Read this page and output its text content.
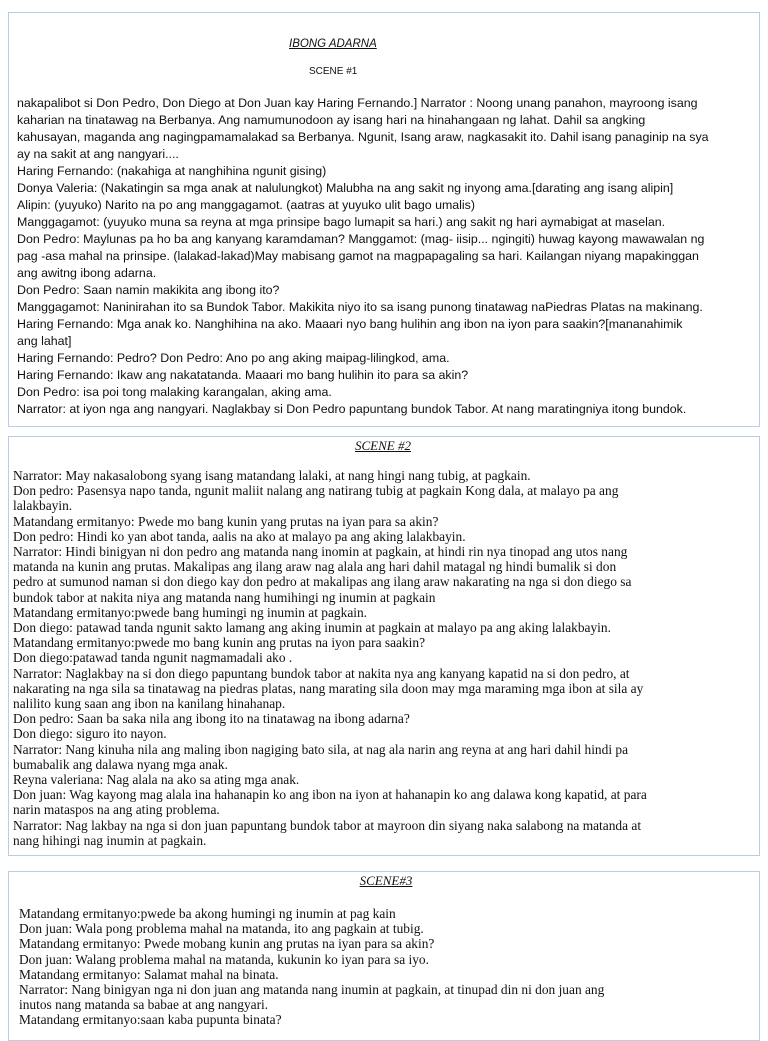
IBONG ADARNA
SCENE #1
nakapalibot si Don Pedro, Don Diego at Don Juan kay Haring Fernando.] Narrator : Noong unang panahon, mayroong isang
kaharian na tinatawag na Berbanya. Ang namumunodoon ay isang hari na hinahangaan ng lahat. Dahil sa angking
kahusayan, maganda ang nagingpamamalakad sa Berbanya. Ngunit, Isang araw, nagkasakit ito. Dahil isang panaginip na sya
ay na sakit at ang nangyari....
Haring Fernando: (nakahiga at nanghihina ngunit gising)
Donya Valeria: (Nakatingin sa mga anak at nalulungkot) Malubha na ang sakit ng inyong ama.[darating ang isang alipin]
Alipin: (yuyuko) Narito na po ang manggagamot. (aatras at yuyuko ulit bago umalis)
Manggagamot: (yuyuko muna sa reyna at mga prinsipe bago lumapit sa hari.) ang sakit ng hari aymabigat at maselan.
Don Pedro: Maylunas pa ho ba ang kanyang karamdaman? Manggamot: (mag- iisip... ngingiti) huwag kayong mawawalan ng
pag -asa mahal na prinsipe. (lalakad-lakad)May mabisang gamot na magpapagaling sa hari. Kailangan niyang mapakinggan
ang awitng ibong adarna.
Don Pedro: Saan namin makikita ang ibong ito?
Manggagamot: Naninirahan ito sa Bundok Tabor. Makikita niyo ito sa isang punong tinatawag naPiedras Platas na makinang.
Haring Fernando: Mga anak ko. Nanghihina na ako. Maaari nyo bang hulihin ang ibon na iyon para saakin?[mananahimik
ang lahat]
Haring Fernando: Pedro? Don Pedro: Ano po ang aking maipag-lilingkod, ama.
Haring Fernando: Ikaw ang nakatatanda. Maaari mo bang hulihin ito para sa akin?
Don Pedro: isa poi tong malaking karangalan, aking ama.
Narrator: at iyon nga ang nangyari. Naglakbay si Don Pedro papuntang bundok Tabor. At nang maratingniya itong bundok.
SCENE #2
Narrator: May nakasalobong syang isang matandang lalaki, at nang hingi nang tubig, at pagkain.
Don pedro: Pasensya napo tanda, ngunit maliit nalang ang natirang tubig at pagkain Kong dala, at malayo pa ang
lalakbayin.
Matandang ermitanyo: Pwede mo bang kunin yang prutas na iyan para sa akin?
Don pedro: Hindi ko yan abot tanda, aalis na ako at malayo pa ang aking lalakbayin.
Narrator: Hindi binigyan ni don pedro ang matanda nang inomin at pagkain, at hindi rin nya tinopad ang utos nang
matanda na kunin ang prutas. Makalipas ang ilang araw nag alala ang hari dahil matagal ng hindi bumalik si don
pedro at sumunod naman si don diego kay don pedro at makalipas ang ilang araw nakarating na nga si don diego sa
bundok tabor at nakita niya ang matanda nang humihingi ng inumin at pagkain
Matandang ermitanyo:pwede bang humingi ng inumin at pagkain.
Don diego: patawad tanda ngunit sakto lamang ang aking inumin at pagkain at malayo pa ang aking lalakbayin.
Matandang ermitanyo:pwede mo bang kunin ang prutas na iyon para saakin?
Don diego:patawad tanda ngunit nagmamadali ako .
Narrator: Naglakbay na si don diego papuntang bundok tabor at nakita nya ang kanyang kapatid na si don pedro, at
nakarating na nga sila sa tinatawag na piedras platas, nang marating sila doon may mga maraming mga ibon at sila ay
nalilito kung saan ang ibon na kanilang hinahanap.
Don pedro: Saan ba saka nila ang ibong ito na tinatawag na ibong adarna?
Don diego: siguro ito nayon.
Narrator: Nang kinuha nila ang maling ibon nagiging bato sila, at nag ala narin ang reyna at ang hari dahil hindi pa
bumabalik ang dalawa nyang mga anak.
Reyna valeriana: Nag alala na ako sa ating mga anak.
Don juan: Wag kayong mag alala ina hahanapin ko ang ibon na iyon at hahanapin ko ang dalawa kong kapatid, at para
narin mataspos na ang ating problema.
Narrator: Nag lakbay na nga si don juan papuntang bundok tabor at mayroon din siyang naka salabong na matanda at
nang hihingi nag inumin at pagkain.
SCENE#3
Matandang ermitanyo:pwede ba akong humingi ng inumin at pag kain
Don juan: Wala pong problema mahal na matanda, ito ang pagkain at tubig.
Matandang ermitanyo: Pwede mobang kunin ang prutas na iyan para sa akin?
Don juan: Walang problema mahal na matanda, kukunin ko iyan para sa iyo.
Matandang ermitanyo: Salamat mahal na binata.
Narrator: Nang binigyan nga ni don juan ang matanda nang inumin at pagkain, at tinupad din ni don juan ang
inutos nang matanda sa babae at ang nangyari.
Matandang ermitanyo:saan kaba pupunta binata?
